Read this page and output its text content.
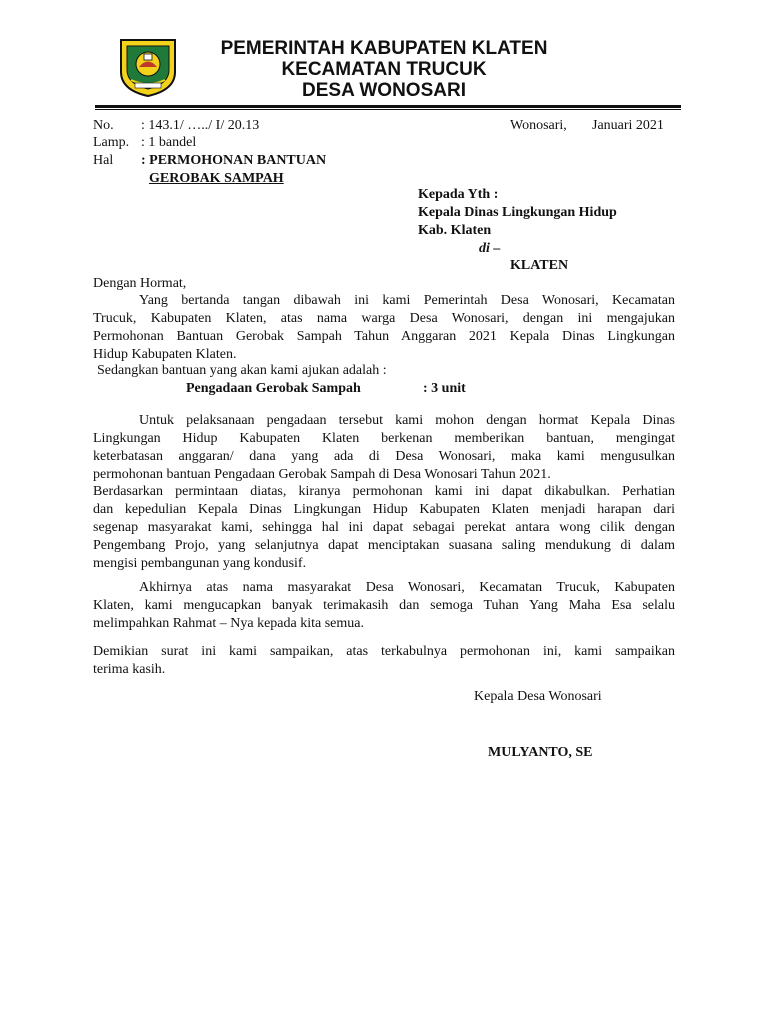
PEMERINTAH KABUPATEN KLATEN
KECAMATAN TRUCUK
DESA WONOSARI
No. : 143.1/ …../ I/ 20.13
Lamp. : 1 bandel
Hal : PERMOHONAN BANTUAN
GEROBAK SAMPAH
Wonosari, Januari 2021
Kepada Yth :
Kepala Dinas Lingkungan Hidup
Kab. Klaten
di –
KLATEN
Dengan Hormat,
Yang bertanda tangan dibawah ini kami Pemerintah Desa Wonosari, Kecamatan
Trucuk, Kabupaten Klaten, atas nama warga Desa Wonosari, dengan ini mengajukan
Permohonan Bantuan Gerobak Sampah Tahun Anggaran 2021 Kepala Dinas Lingkungan
Hidup Kabupaten Klaten.
Sedangkan bantuan yang akan kami ajukan adalah :
Pengadaan Gerobak Sampah	: 3 unit
Untuk pelaksanaan pengadaan tersebut kami mohon dengan hormat Kepala Dinas
Lingkungan Hidup Kabupaten Klaten berkenan memberikan bantuan, mengingat
keterbatasan anggaran/ dana yang ada di Desa Wonosari, maka kami mengusulkan
permohonan bantuan Pengadaan Gerobak Sampah di Desa Wonosari Tahun 2021.
Berdasarkan permintaan diatas, kiranya permohonan kami ini dapat dikabulkan. Perhatian
dan kepedulian Kepala Dinas Lingkungan Hidup Kabupaten Klaten menjadi harapan dari
segenap masyarakat kami, sehingga hal ini dapat sebagai perekat antara wong cilik dengan
Pengembang Projo, yang selanjutnya dapat menciptakan suasana saling mendukung di dalam
mengisi pembangunan yang kondusif.
Akhirnya atas nama masyarakat Desa Wonosari, Kecamatan Trucuk, Kabupaten
Klaten, kami mengucapkan banyak terimakasih dan semoga Tuhan Yang Maha Esa selalu
melimpahkan Rahmat – Nya kepada kita semua.
Demikian surat ini kami sampaikan, atas terkabulnya permohonan ini, kami sampaikan
terima kasih.
Kepala Desa Wonosari
MULYANTO, SE
